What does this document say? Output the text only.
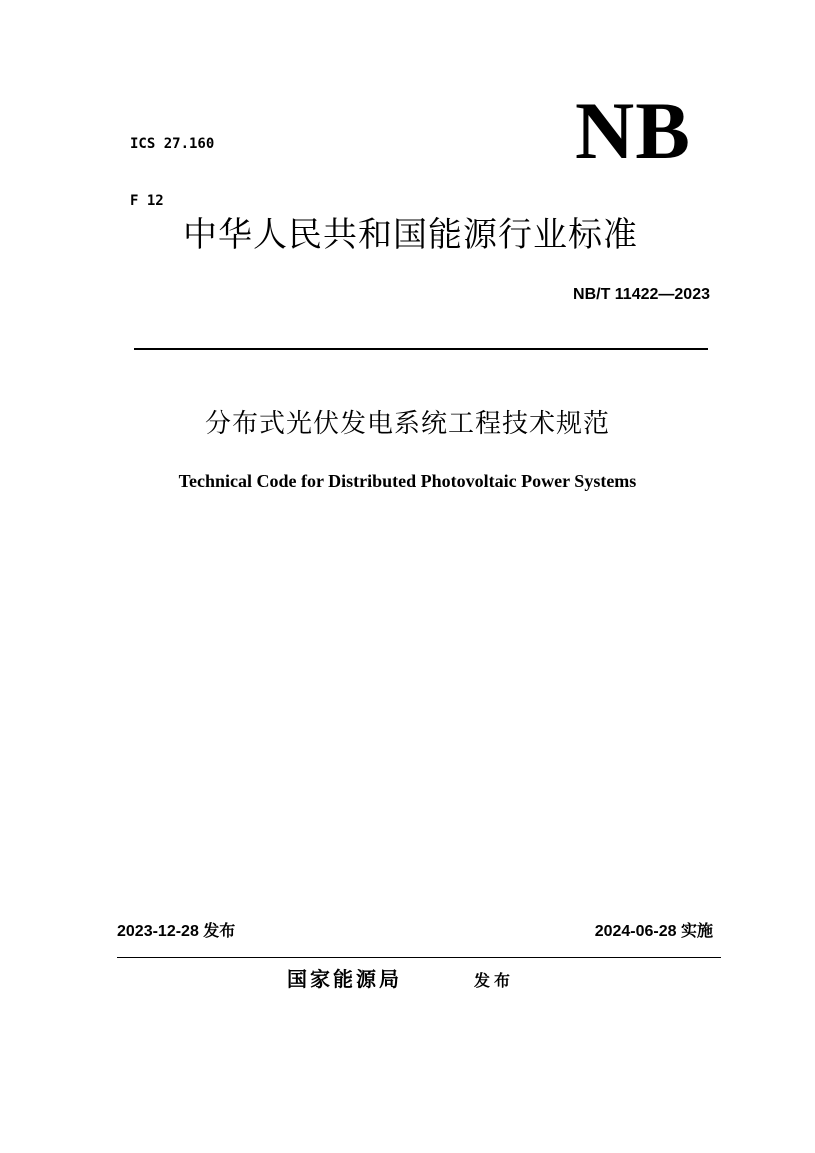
ICS 27.160

F 12

NB
中华人民共和国能源行业标准
NB/T 11422—2023
分布式光伏发电系统工程技术规范
Technical Code for Distributed Photovoltaic Power Systems
2023-12-28 发布	2024-06-28 实施
国家能源局	发布
